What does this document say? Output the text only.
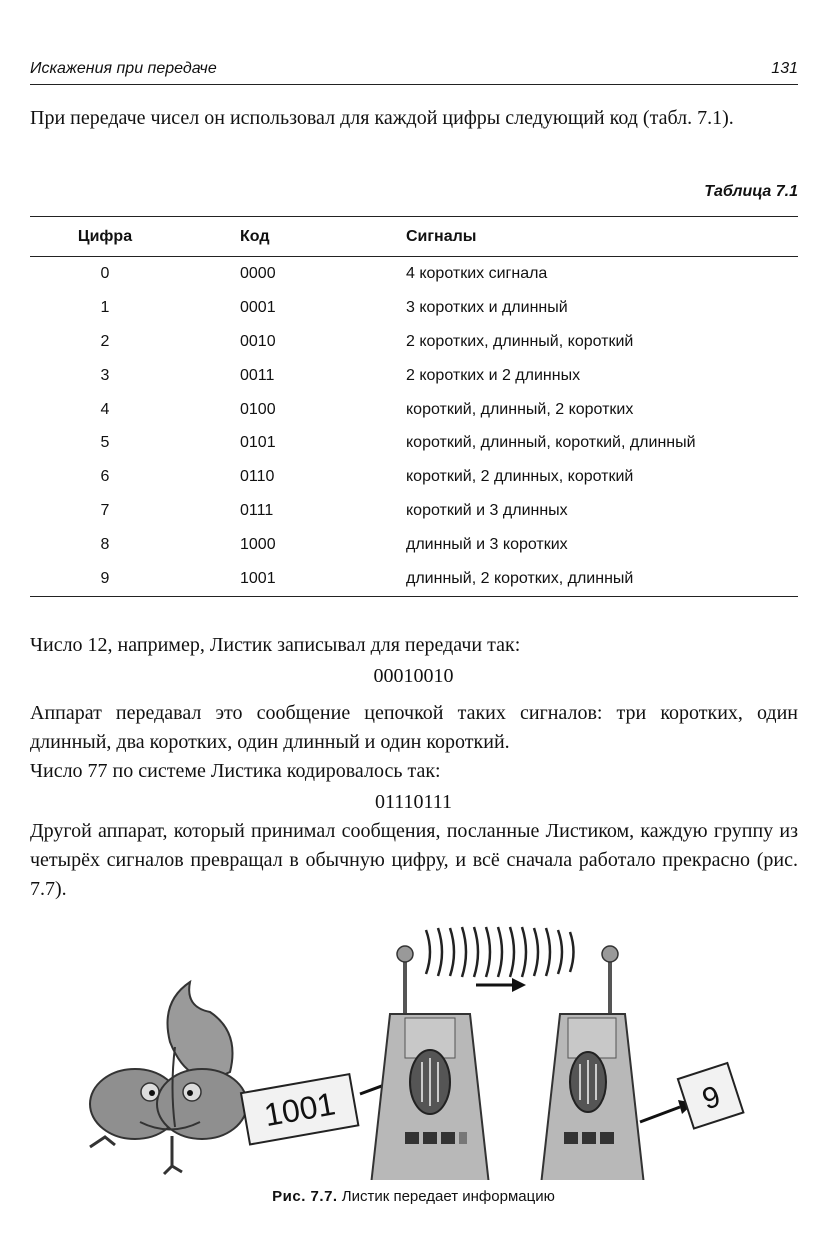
Искажения при передаче	131

При передаче чисел он использовал для каждой цифры следующий код (табл. 7.1).

Таблица 7.1
Цифра	Код	Сигналы
0	0000	4 коротких сигнала
1	0001	3 коротких и длинный
2	0010	2 коротких, длинный, короткий
3	0011	2 коротких и 2 длинных
4	0100	короткий, длинный, 2 коротких
5	0101	короткий, длинный, короткий, длинный
6	0110	короткий, 2 длинных, короткий
7	0111	короткий и 3 длинных
8	1000	длинный и 3 коротких
9	1001	длинный, 2 коротких, длинный

Число 12, например, Листик записывал для передачи так:

00010010

Аппарат передавал это сообщение цепочкой таких сигналов: три коротких, один длинный, два коротких, один длинный и один короткий.

Число 77 по системе Листика кодировалось так:

01110111

Другой аппарат, который принимал сообщения, посланные Листиком, каждую группу из четырёх сигналов превращал в обычную цифру, и всё сначала работало прекрасно (рис. 7.7).

1001	9
Рис. 7.7. Листик передает информацию
